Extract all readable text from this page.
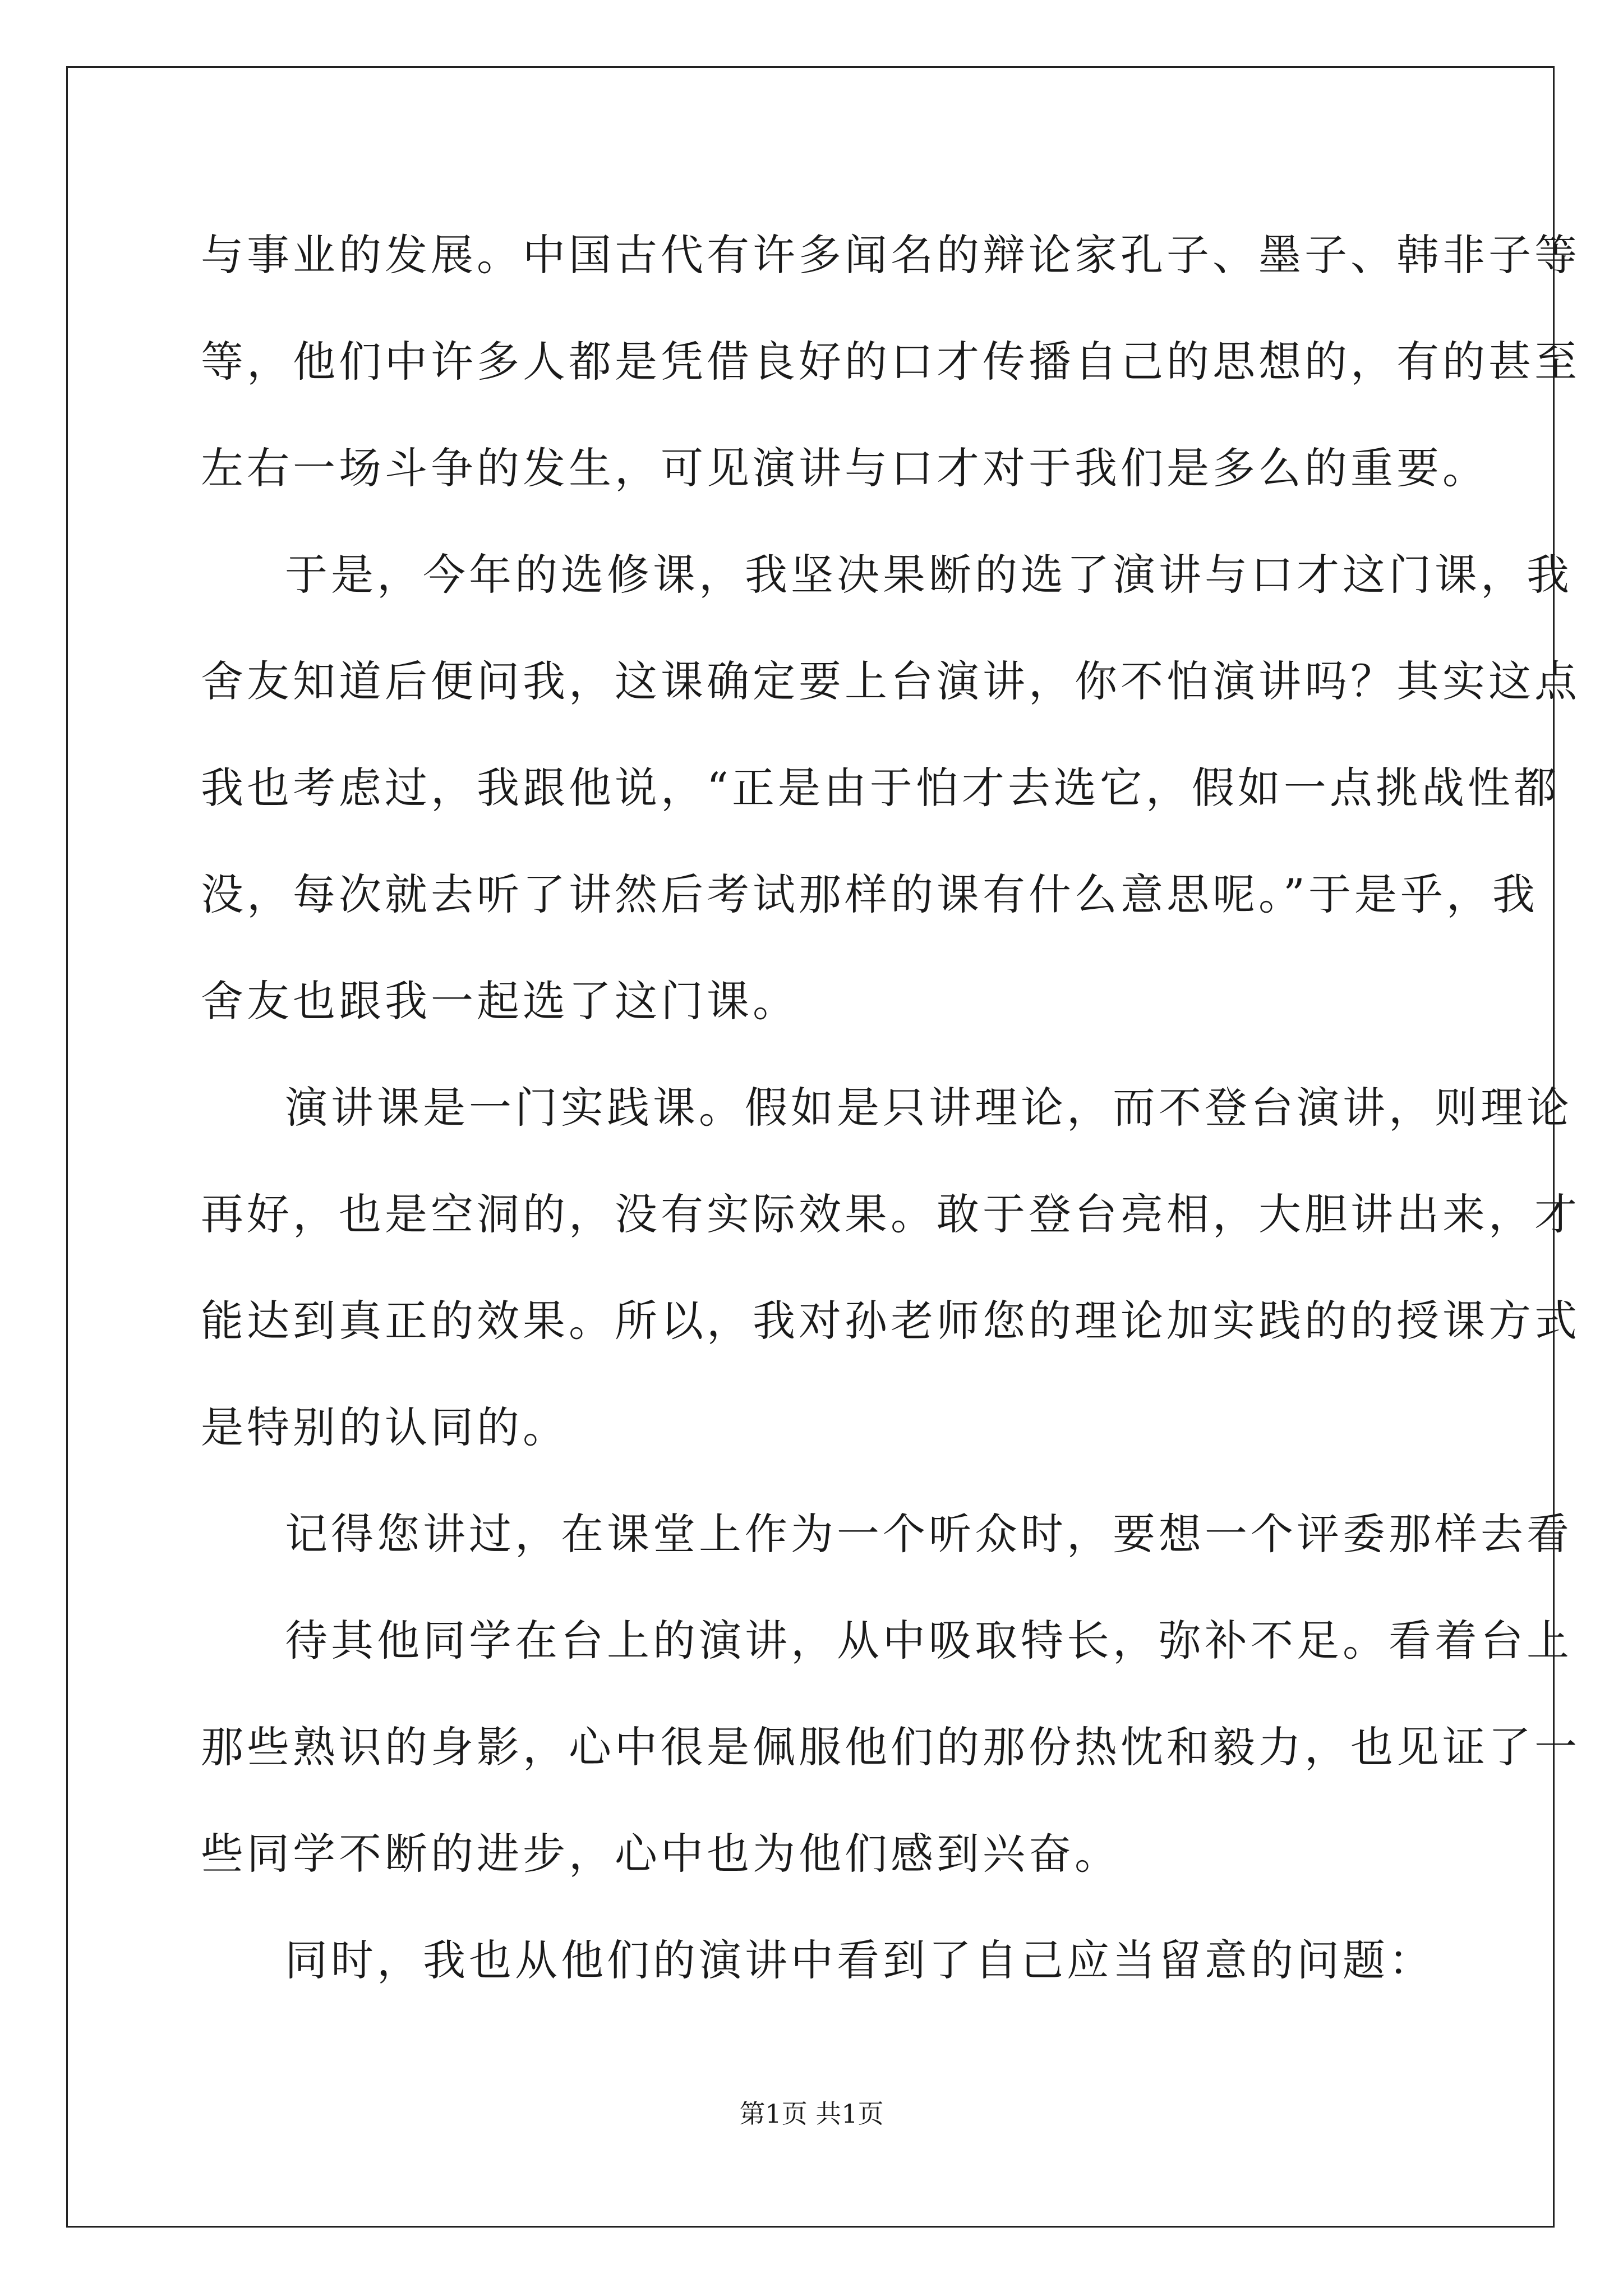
与事业的发展。中国古代有许多闻名的辩论家孔子、墨子、韩非子等
等，他们中许多人都是凭借良好的口才传播自己的思想的，有的甚至
左右一场斗争的发生，可见演讲与口才对于我们是多么的重要。
于是，今年的选修课，我坚决果断的选了演讲与口才这门课，我
舍友知道后便问我，这课确定要上台演讲，你不怕演讲吗？其实这点
我也考虑过，我跟他说，“正是由于怕才去选它，假如一点挑战性都
没，每次就去听了讲然后考试那样的课有什么意思呢。”于是乎，我
舍友也跟我一起选了这门课。
演讲课是一门实践课。假如是只讲理论，而不登台演讲，则理论
再好，也是空洞的，没有实际效果。敢于登台亮相，大胆讲出来，才
能达到真正的效果。所以，我对孙老师您的理论加实践的的授课方式
是特别的认同的。
记得您讲过，在课堂上作为一个听众时，要想一个评委那样去看
待其他同学在台上的演讲，从中吸取特长，弥补不足。看着台上
那些熟识的身影，心中很是佩服他们的那份热忱和毅力，也见证了一
些同学不断的进步，心中也为他们感到兴奋。
同时，我也从他们的演讲中看到了自己应当留意的问题：
第1页 共1页
